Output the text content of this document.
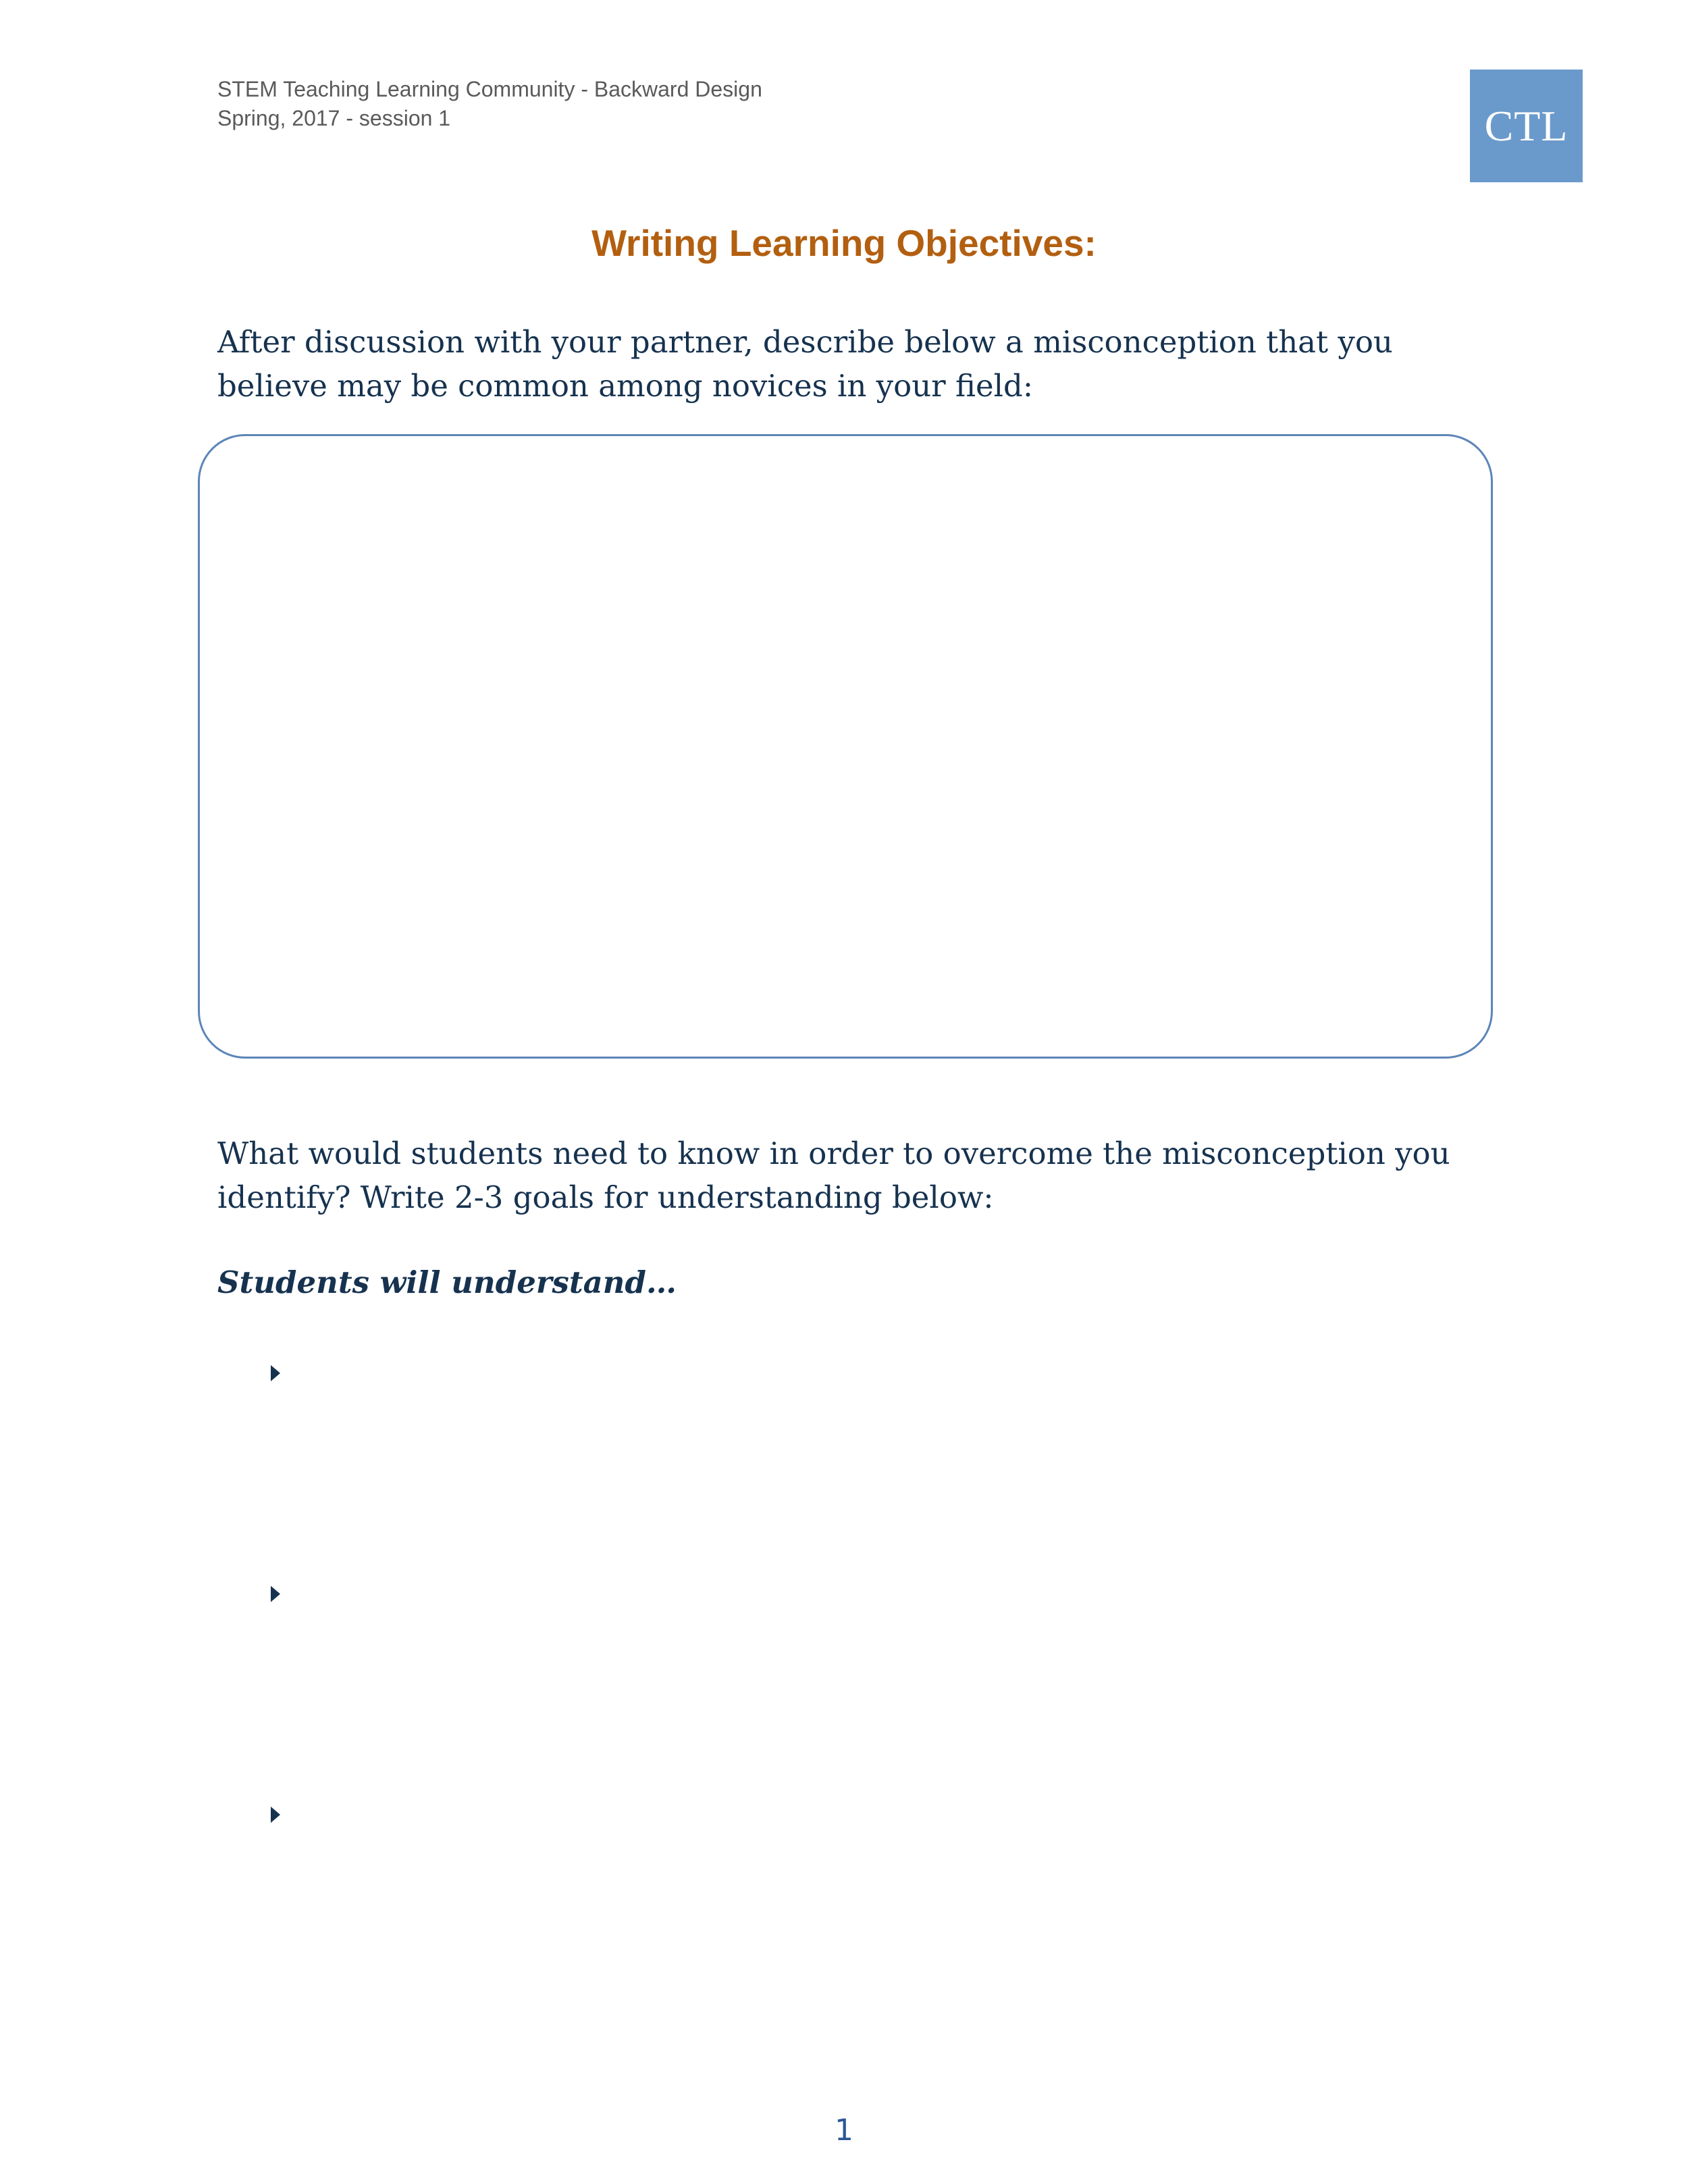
STEM Teaching Learning Community - Backward Design
Spring, 2017 - session 1	CTL
Writing Learning Objectives:
After discussion with your partner, describe below a misconception that you believe may be common among novices in your field:
What would students need to know in order to overcome the misconception you identify? Write 2-3 goals for understanding below:
Students will understand…
1
